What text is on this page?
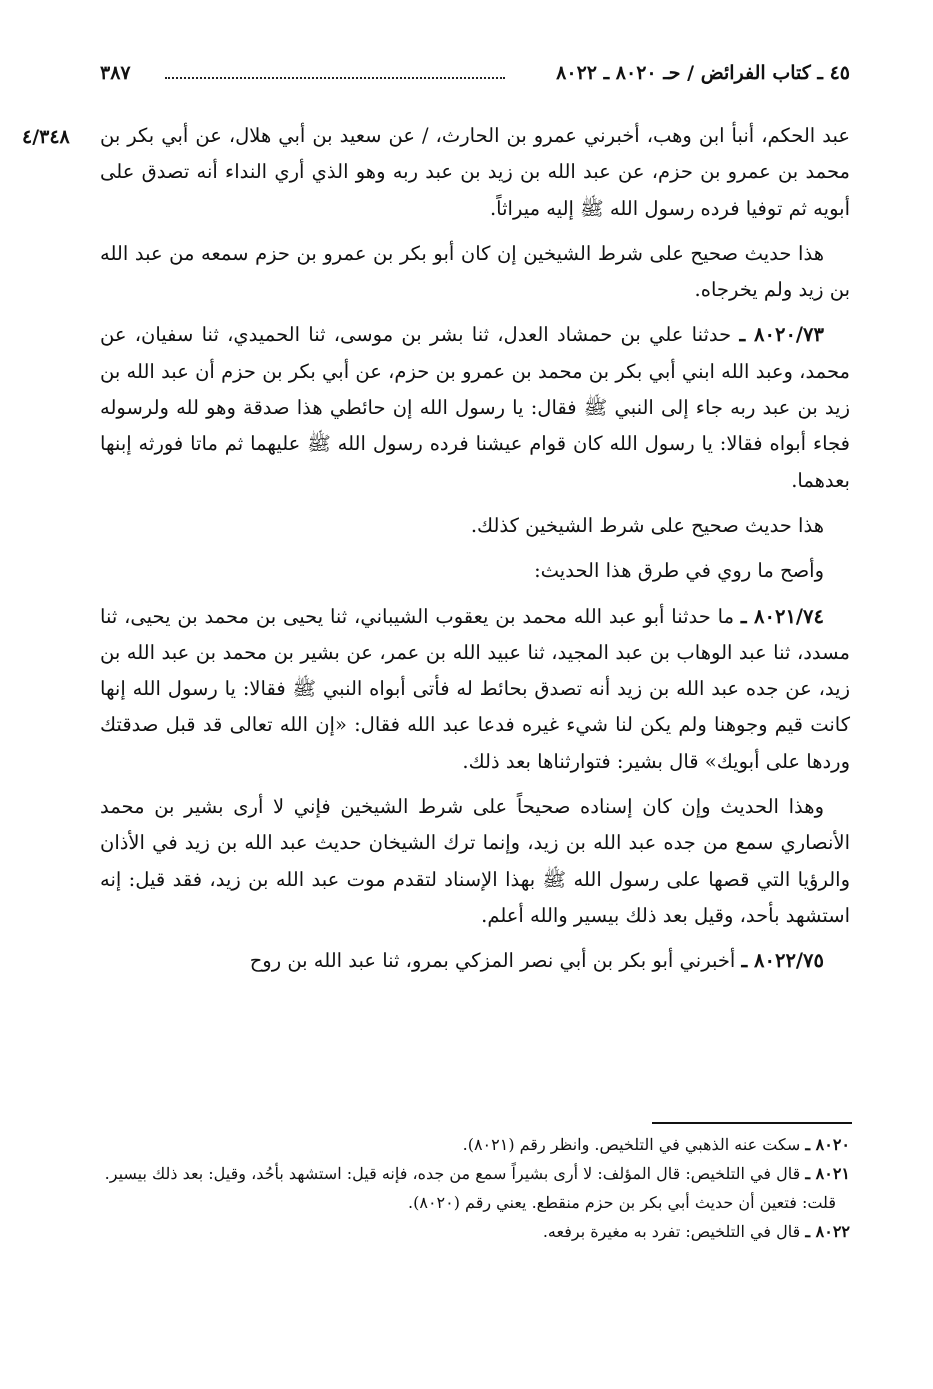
٤٥ ـ كتاب الفرائض / حـ ٨٠٢٠ ـ ٨٠٢٢
٣٨٧
٤/٣٤٨ عبد الحكم، أنبأ ابن وهب، أخبرني عمرو بن الحارث، / عن سعيد بن أبي هلال، عن أبي بكر بن محمد بن عمرو بن حزم، عن عبد الله بن زيد بن عبد ربه وهو الذي أري النداء أنه تصدق على أبويه ثم توفيا فرده رسول الله ﷺ إليه ميراثاً.

هذا حديث صحيح على شرط الشيخين إن كان أبو بكر بن عمرو بن حزم سمعه من عبد الله بن زيد ولم يخرجاه.

٨٠٢٠/٧٣ ـ حدثنا علي بن حمشاد العدل، ثنا بشر بن موسى، ثنا الحميدي، ثنا سفيان، عن محمد، وعبد الله ابني أبي بكر بن محمد بن عمرو بن حزم، عن أبي بكر بن حزم أن عبد الله بن زيد بن عبد ربه جاء إلى النبي ﷺ فقال: يا رسول الله إن حائطي هذا صدقة وهو لله ولرسوله فجاء أبواه فقالا: يا رسول الله كان قوام عيشنا فرده رسول الله ﷺ عليهما ثم ماتا فورثه إبنها بعدهما.

هذا حديث صحيح على شرط الشيخين كذلك.

وأصح ما روي في طرق هذا الحديث:

٨٠٢١/٧٤ ـ ما حدثنا أبو عبد الله محمد بن يعقوب الشيباني، ثنا يحيى بن محمد بن يحيى، ثنا مسدد، ثنا عبد الوهاب بن عبد المجيد، ثنا عبيد الله بن عمر، عن بشير بن محمد بن عبد الله بن زيد، عن جده عبد الله بن زيد أنه تصدق بحائط له فأتى أبواه النبي ﷺ فقالا: يا رسول الله إنها كانت قيم وجوهنا ولم يكن لنا شيء غيره فدعا عبد الله فقال: «إن الله تعالى قد قبل صدقتك وردها على أبويك» قال بشير: فتوارثناها بعد ذلك.

وهذا الحديث وإن كان إسناده صحيحاً على شرط الشيخين فإني لا أرى بشير بن محمد الأنصاري سمع من جده عبد الله بن زيد، وإنما ترك الشيخان حديث عبد الله بن زيد في الأذان والرؤيا التي قصها على رسول الله ﷺ بهذا الإسناد لتقدم موت عبد الله بن زيد، فقد قيل: إنه استشهد بأحد، وقيل بعد ذلك بيسير والله أعلم.

٨٠٢٢/٧٥ ـ أخبرني أبو بكر بن أبي نصر المزكي بمرو، ثنا عبد الله بن روح

٨٠٢٠ ـ سكت عنه الذهبي في التلخيص. وانظر رقم (٨٠٢١).

٨٠٢١ ـ قال في التلخيص: قال المؤلف: لا أرى بشيراً سمع من جده، فإنه قيل: استشهد بأحُد، وقيل: بعد ذلك بيسير.

قلت: فتعين أن حديث أبي بكر بن حزم منقطع. يعني رقم (٨٠٢٠).

٨٠٢٢ ـ قال في التلخيص: تفرد به مغيرة برفعه.
